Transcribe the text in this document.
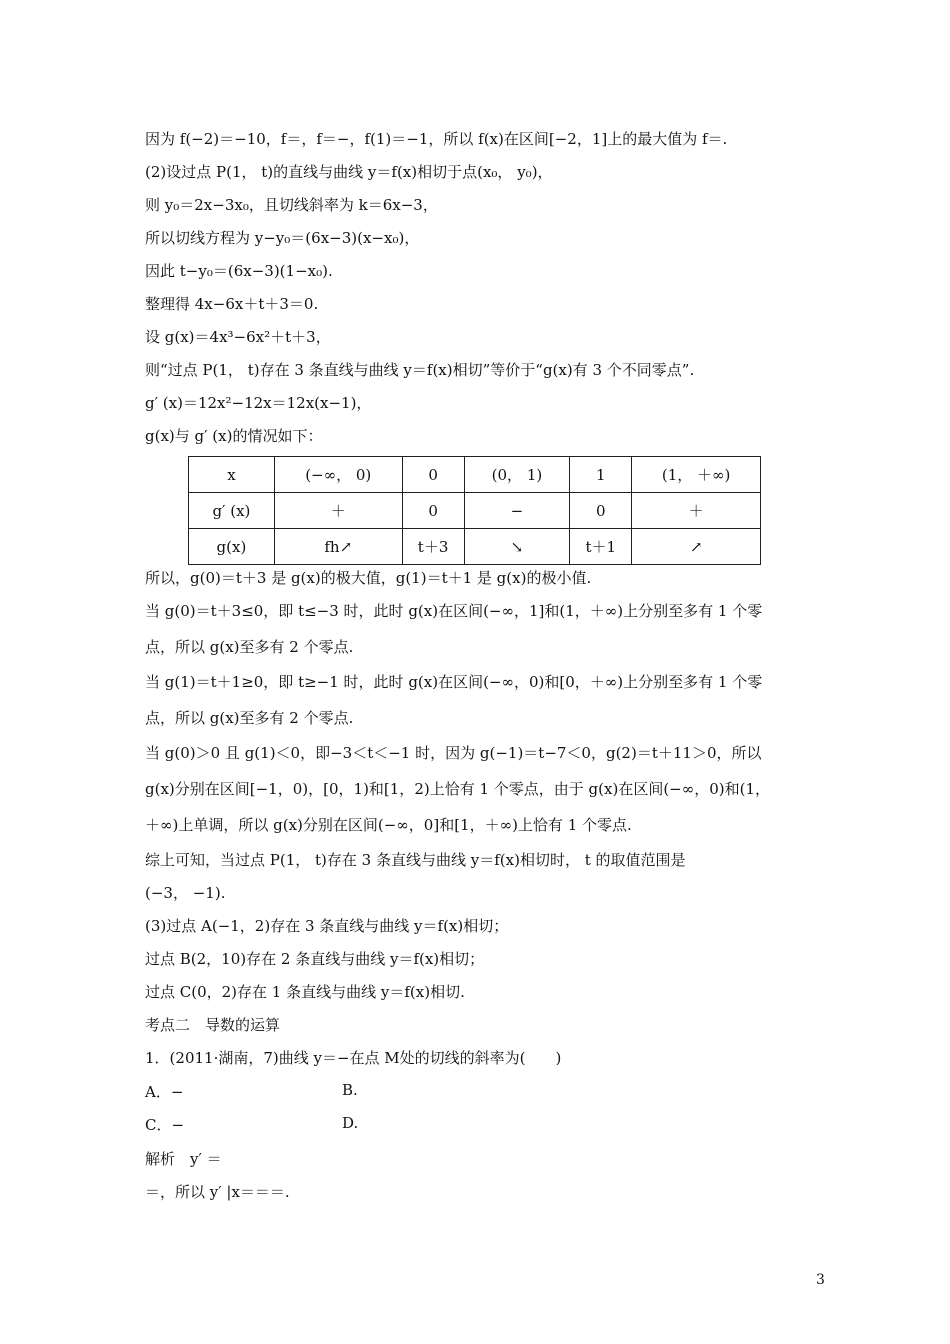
因为 f(−2)＝−10，f＝，f＝−，f(1)＝−1，所以 f(x)在区间[−2，1]上的最大值为 f＝.
(2)设过点 P(1， t)的直线与曲线 y＝f(x)相切于点(x₀， y₀)，
则 y₀＝2x−3x₀，且切线斜率为 k＝6x−3，
所以切线方程为 y−y₀＝(6x−3)(x−x₀)，
因此 t−y₀＝(6x−3)(1−x₀).
整理得 4x−6x＋t＋3＝0.
设 g(x)＝4x³−6x²＋t＋3，
则“过点 P(1， t)存在 3 条直线与曲线 y＝f(x)相切”等价于“g(x)有 3 个不同零点”.
g′ (x)＝12x²−12x＝12x(x−1)，
g(x)与 g′ (x)的情况如下：
x	(−∞， 0)	0	(0， 1)	1	(1， ＋∞)
g′ (x)	＋	0	−	0	＋
g(x)	fh↗	t＋3	↘	t＋1	↗
所以，g(0)＝t＋3 是 g(x)的极大值，g(1)＝t＋1 是 g(x)的极小值.
当 g(0)＝t＋3≤0，即 t≤−3 时，此时 g(x)在区间(−∞，1]和(1，＋∞)上分别至多有 1 个零
点，所以 g(x)至多有 2 个零点.
当 g(1)＝t＋1≥0，即 t≥−1 时，此时 g(x)在区间(−∞，0)和[0，＋∞)上分别至多有 1 个零
点，所以 g(x)至多有 2 个零点.
当 g(0)＞0 且 g(1)＜0，即−3＜t＜−1 时，因为 g(−1)＝t−7＜0，g(2)＝t＋11＞0，所以
g(x)分别在区间[−1，0)，[0，1)和[1，2)上恰有 1 个零点，由于 g(x)在区间(−∞，0)和(1，
＋∞)上单调，所以 g(x)分别在区间(−∞，0]和[1，＋∞)上恰有 1 个零点.
综上可知，当过点 P(1， t)存在 3 条直线与曲线 y＝f(x)相切时， t 的取值范围是
(−3， −1).
(3)过点 A(−1，2)存在 3 条直线与曲线 y＝f(x)相切；
过点 B(2，10)存在 2 条直线与曲线 y＝f(x)相切；
过点 C(0，2)存在 1 条直线与曲线 y＝f(x)相切.
考点二　导数的运算
1．(2011·湖南，7)曲线 y＝−在点 M处的切线的斜率为(　　)
A．−	B.
C．−	D.
解析　y′ ＝
＝，所以 y′ |x＝＝＝.
3
